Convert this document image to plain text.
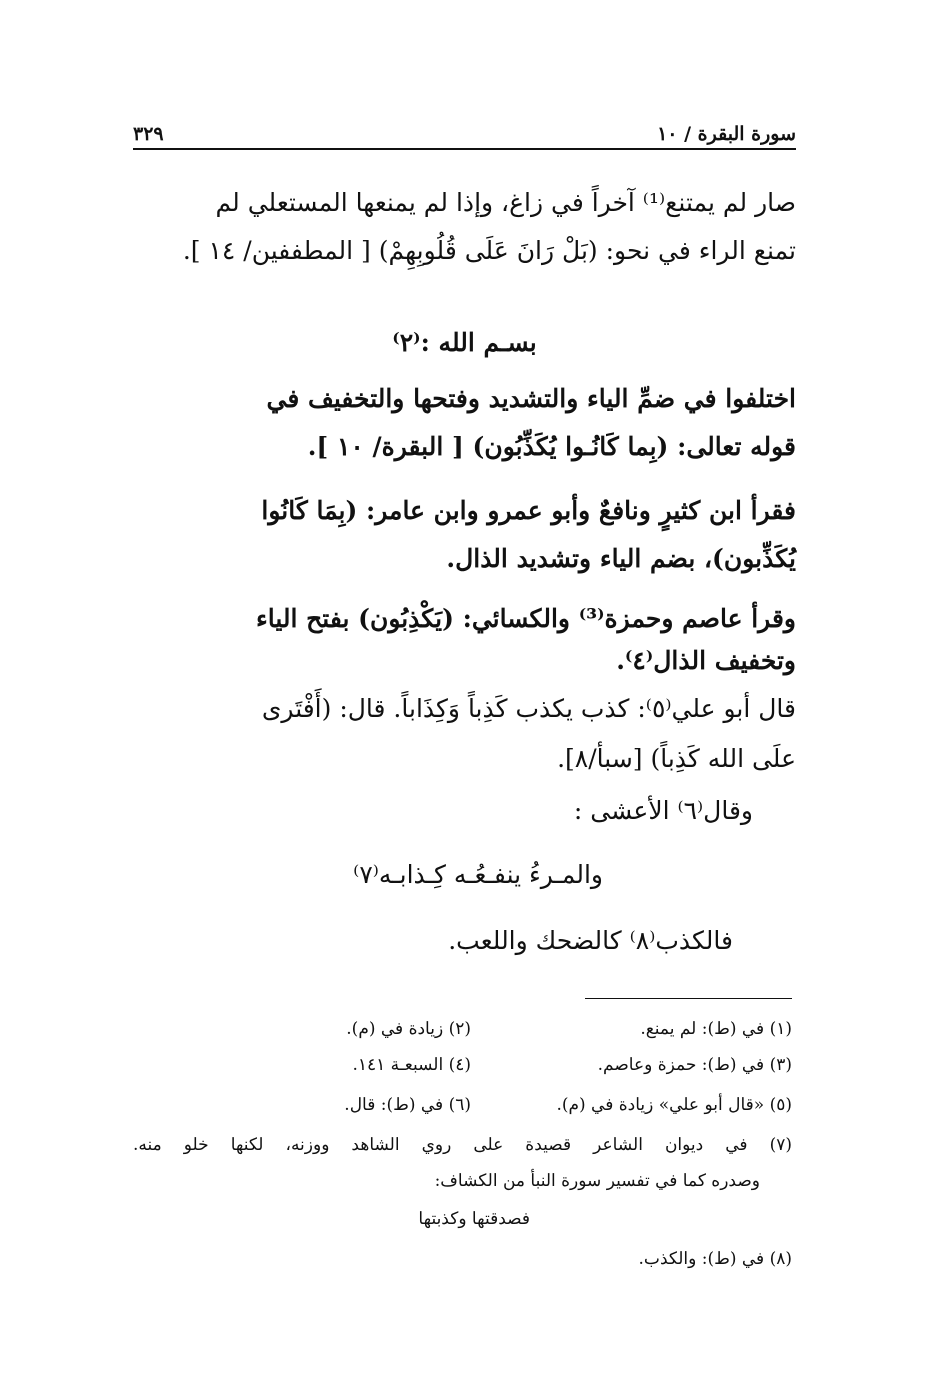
سورة البقرة / ١٠
٣٢٩

صار لم يمتنع⁽¹⁾ آخراً في زاغ، وإذا لم يمنعها المستعلي لم

تمنع الراء في نحو: (بَلْ رَانَ عَلَى قُلُوبِهِمْ) [ المطففين/ ١٤ ].

بسـم الله :⁽٢⁾

اختلفوا في ضمِّ الياء والتشديد وفتحها والتخفيف في

قوله تعالى: (بِما كَانُـوا يُكَذِّبُون) [ البقرة/ ١٠ ].

فقرأ ابن كثيرٍ ونافعٌ وأبو عمرو وابن عامر: (بِمَا كَانُوا

يُكَذِّبون)، بضم الياء وتشديد الذال.

وقرأ عاصم وحمزة⁽³⁾ والكسائي: (يَكْذِبُون) بفتح الياء

وتخفيف الذال⁽٤⁾.

قال أبو علي⁽٥⁾: كذب يكذب كَذِباً وَكِذَاباً. قال: (أَفْتَرى

علَى الله كَذِباً) [سبأ/٨].

وقال⁽٦⁾ الأعشى :

والمـرءُ ينفـعُـه كِـذابـه⁽٧⁾

فالكذب⁽٨⁾ كالضحك واللعب.

(١) في (ط): لم يمنع.

(٢) زيادة في (م).

(٣) في (ط): حمزة وعاصم.

(٤) السبعـة ١٤١.

(٥) «قال أبو علي» زيادة في (م).

(٦) في (ط): قال.

(٧) في ديوان الشاعر قصيدة على روي الشاهد ووزنه، لكنها خلو منه.

وصدره كما في تفسير سورة النبأ من الكشاف:

فصدقتها وكذبتها

(٨) في (ط): والكذب.
